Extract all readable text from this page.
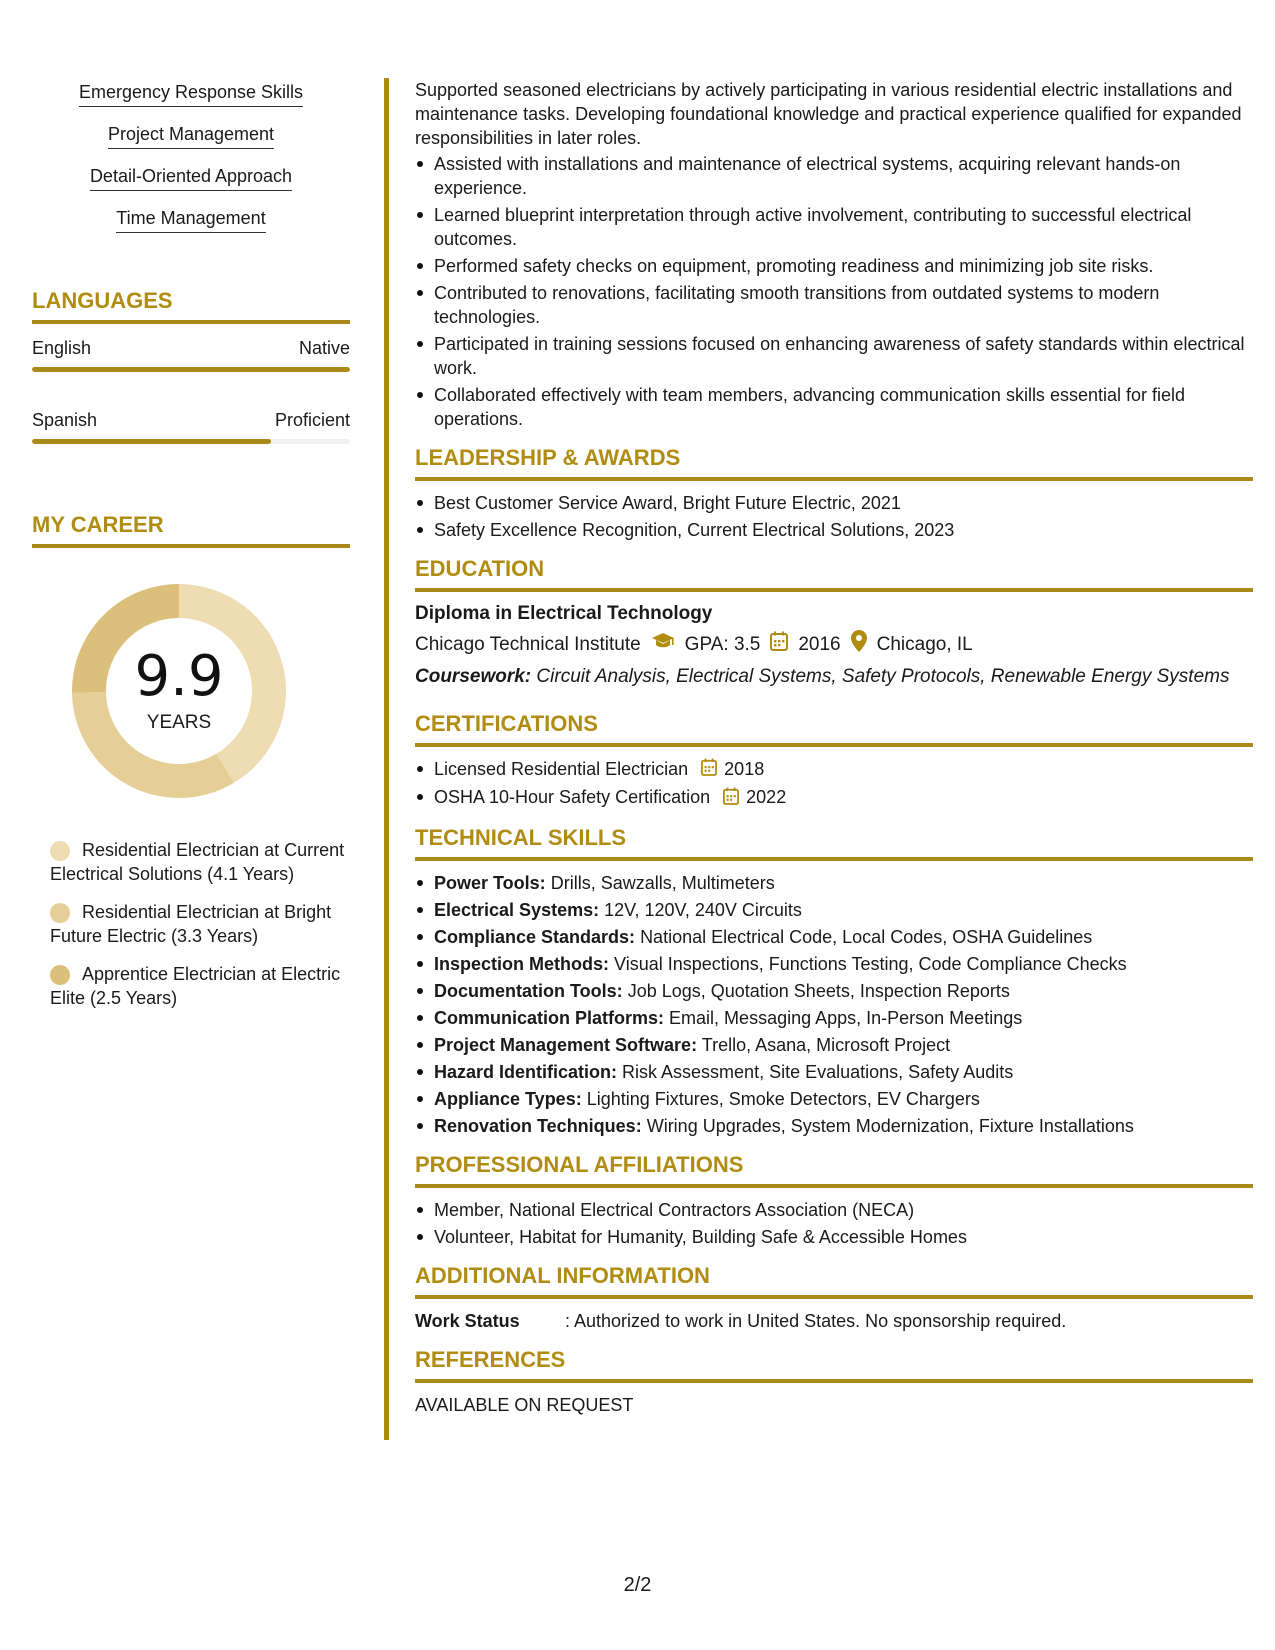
Emergency Response Skills
Project Management
Detail-Oriented Approach
Time Management
LANGUAGES
English	Native
Spanish	Proficient
MY CAREER
9.9
YEARS
Residential Electrician at Current Electrical Solutions (4.1 Years)
Residential Electrician at Bright Future Electric (3.3 Years)
Apprentice Electrician at Electric Elite (2.5 Years)
Supported seasoned electricians by actively participating in various residential electric installations and maintenance tasks. Developing foundational knowledge and practical experience qualified for expanded responsibilities in later roles.
Assisted with installations and maintenance of electrical systems, acquiring relevant hands-on experience.
Learned blueprint interpretation through active involvement, contributing to successful electrical outcomes.
Performed safety checks on equipment, promoting readiness and minimizing job site risks.
Contributed to renovations, facilitating smooth transitions from outdated systems to modern technologies.
Participated in training sessions focused on enhancing awareness of safety standards within electrical work.
Collaborated effectively with team members, advancing communication skills essential for field operations.
LEADERSHIP & AWARDS
Best Customer Service Award, Bright Future Electric, 2021
Safety Excellence Recognition, Current Electrical Solutions, 2023
EDUCATION
Diploma in Electrical Technology
Chicago Technical Institute GPA: 3.5 2016 Chicago, IL
Coursework: Circuit Analysis, Electrical Systems, Safety Protocols, Renewable Energy Systems
CERTIFICATIONS
Licensed Residential Electrician 2018
OSHA 10-Hour Safety Certification 2022
TECHNICAL SKILLS
Power Tools: Drills, Sawzalls, Multimeters
Electrical Systems: 12V, 120V, 240V Circuits
Compliance Standards: National Electrical Code, Local Codes, OSHA Guidelines
Inspection Methods: Visual Inspections, Functions Testing, Code Compliance Checks
Documentation Tools: Job Logs, Quotation Sheets, Inspection Reports
Communication Platforms: Email, Messaging Apps, In-Person Meetings
Project Management Software: Trello, Asana, Microsoft Project
Hazard Identification: Risk Assessment, Site Evaluations, Safety Audits
Appliance Types: Lighting Fixtures, Smoke Detectors, EV Chargers
Renovation Techniques: Wiring Upgrades, System Modernization, Fixture Installations
PROFESSIONAL AFFILIATIONS
Member, National Electrical Contractors Association (NECA)
Volunteer, Habitat for Humanity, Building Safe & Accessible Homes
ADDITIONAL INFORMATION
Work Status	: Authorized to work in United States. No sponsorship required.
REFERENCES
AVAILABLE ON REQUEST
2/2
